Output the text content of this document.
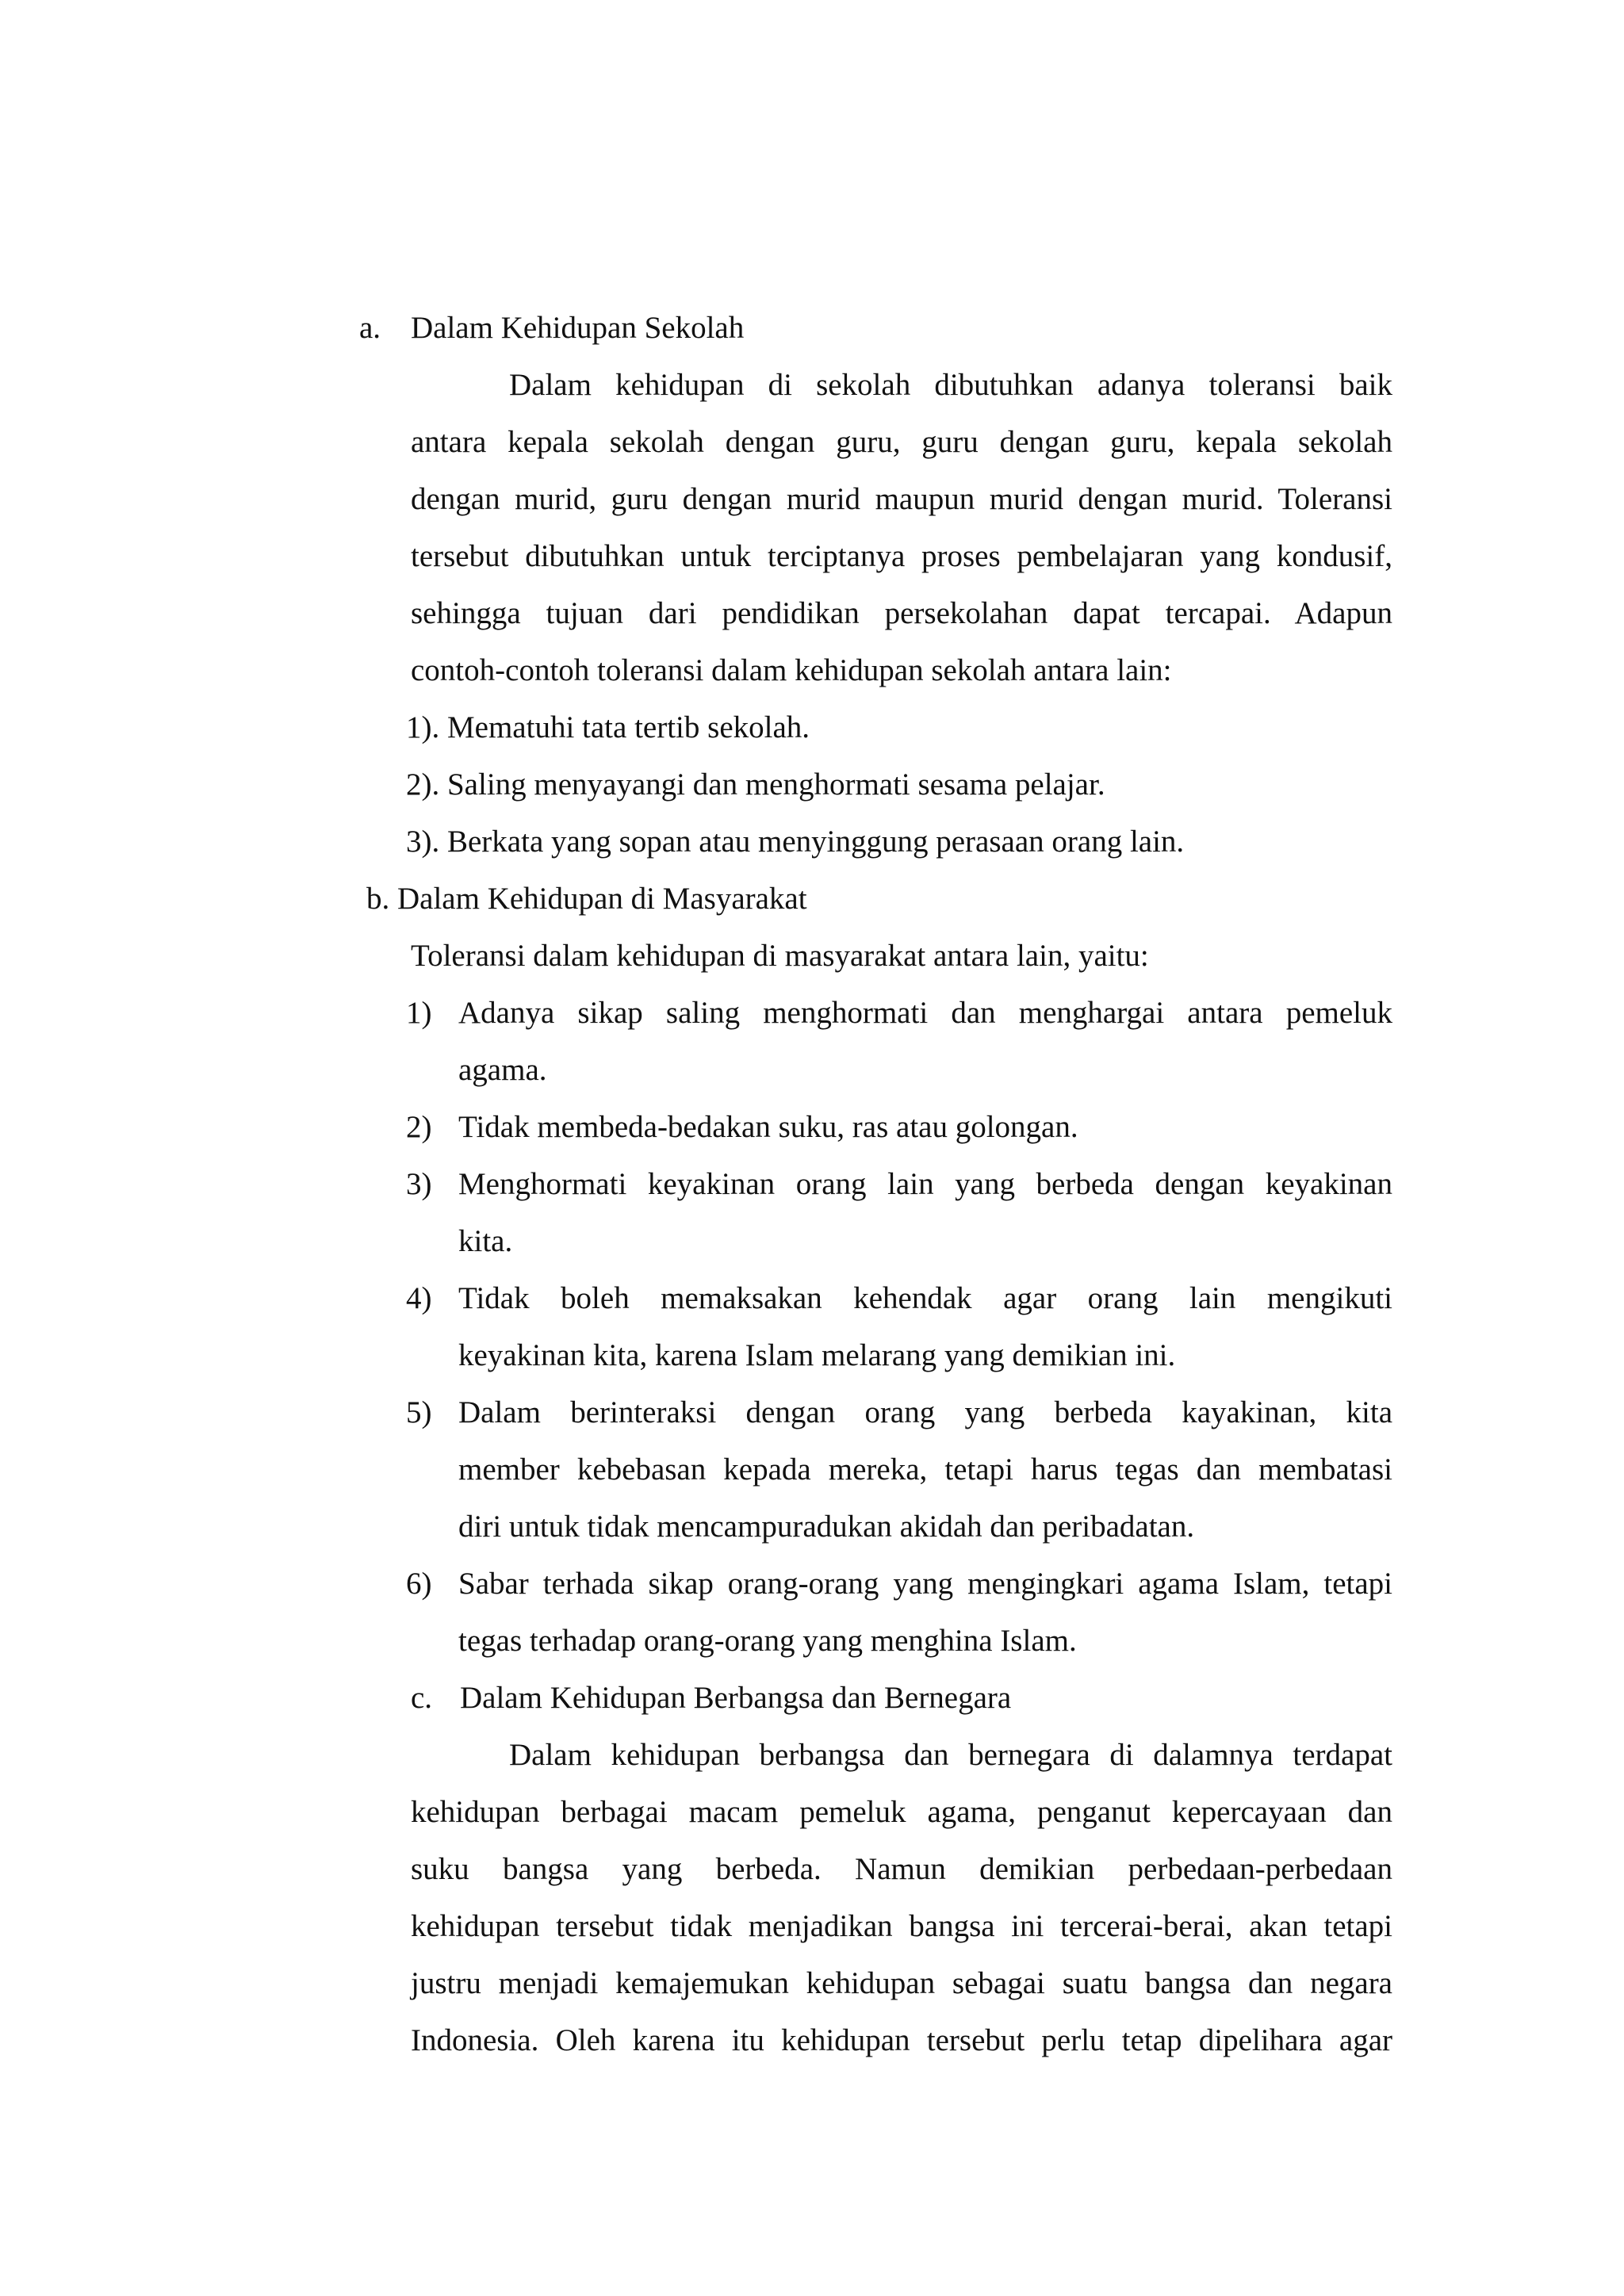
a. Dalam Kehidupan Sekolah
Dalam kehidupan di sekolah dibutuhkan adanya toleransi baik
antara kepala sekolah dengan guru, guru dengan guru, kepala sekolah
dengan murid, guru dengan murid maupun murid dengan murid. Toleransi
tersebut dibutuhkan untuk terciptanya proses pembelajaran yang kondusif,
sehingga tujuan dari pendidikan persekolahan dapat tercapai. Adapun
contoh-contoh toleransi dalam kehidupan sekolah antara lain:
1). Mematuhi tata tertib sekolah.
2). Saling menyayangi dan menghormati sesama pelajar.
3). Berkata yang sopan atau menyinggung perasaan orang lain.
b. Dalam Kehidupan di Masyarakat
Toleransi dalam kehidupan di masyarakat antara lain, yaitu:
1) Adanya sikap saling menghormati dan menghargai antara pemeluk
agama.
2) Tidak membeda-bedakan suku, ras atau golongan.
3) Menghormati keyakinan orang lain yang berbeda dengan keyakinan
kita.
4) Tidak boleh memaksakan kehendak agar orang lain mengikuti
keyakinan kita, karena Islam melarang yang demikian ini.
5) Dalam berinteraksi dengan orang yang berbeda kayakinan, kita
member kebebasan kepada mereka, tetapi harus tegas dan membatasi
diri untuk tidak mencampuradukan akidah dan peribadatan.
6) Sabar terhada sikap orang-orang yang mengingkari agama Islam, tetapi
tegas terhadap orang-orang yang menghina Islam.
c. Dalam Kehidupan Berbangsa dan Bernegara
Dalam kehidupan berbangsa dan bernegara di dalamnya terdapat
kehidupan berbagai macam pemeluk agama, penganut kepercayaan dan
suku bangsa yang berbeda. Namun demikian perbedaan-perbedaan
kehidupan tersebut tidak menjadikan bangsa ini tercerai-berai, akan tetapi
justru menjadi kemajemukan kehidupan sebagai suatu bangsa dan negara
Indonesia. Oleh karena itu kehidupan tersebut perlu tetap dipelihara agar
